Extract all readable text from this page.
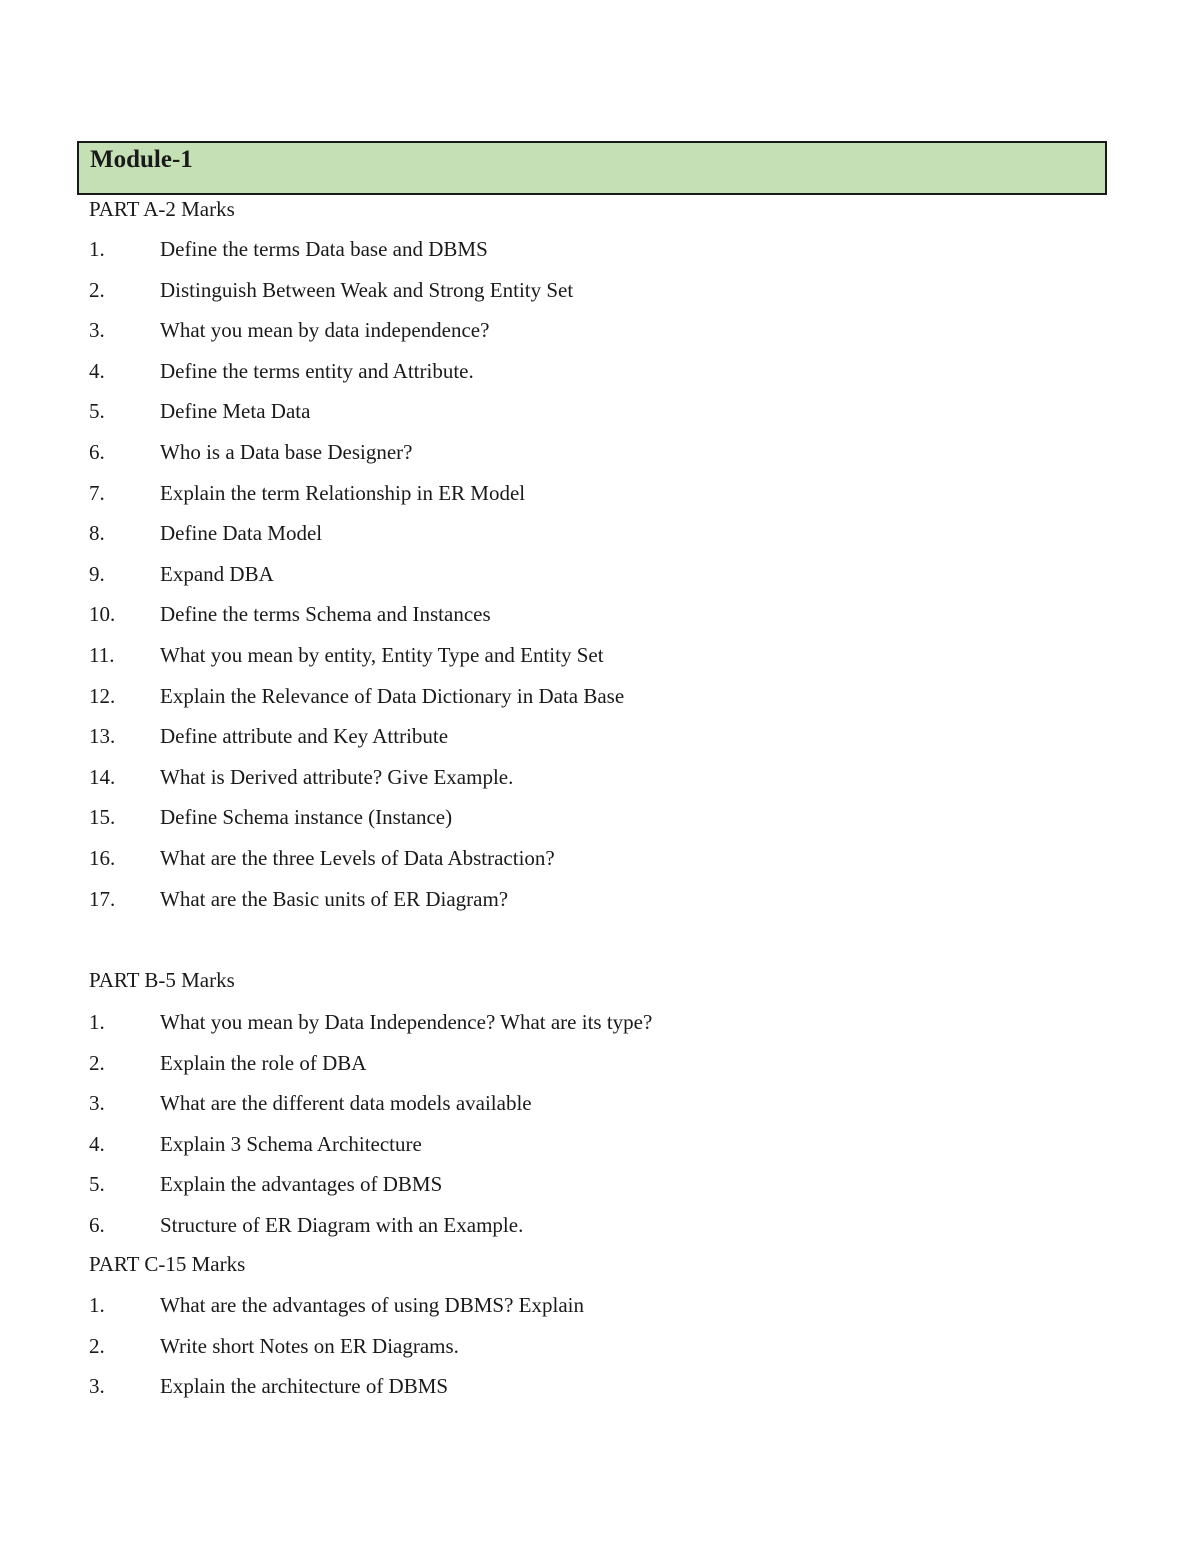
Module-1
PART A-2 Marks
1.	Define the terms Data base and DBMS
2.	Distinguish Between Weak and Strong Entity Set
3.	What you mean by data independence?
4.	Define the terms entity and Attribute.
5.	Define Meta Data
6.	Who is a Data base Designer?
7.	Explain the term Relationship in ER Model
8.	Define Data Model
9.	Expand DBA
10.	Define the terms Schema and Instances
11.	What you mean by entity, Entity Type and Entity Set
12.	Explain the Relevance of Data Dictionary in Data Base
13.	Define attribute and Key Attribute
14.	What is Derived attribute? Give Example.
15.	Define Schema instance (Instance)
16.	What are the three Levels of Data Abstraction?
17.	What are the Basic units of ER Diagram?
PART B-5 Marks
1.	What you mean by Data Independence? What are its type?
2.	Explain the role of DBA
3.	What are the different data models available
4.	Explain 3 Schema Architecture
5.	Explain the advantages of DBMS
6.	Structure of ER Diagram with an Example.
PART C-15 Marks
1.	What are the advantages of using DBMS? Explain
2.	Write short Notes on ER Diagrams.
3.	Explain the architecture of DBMS
